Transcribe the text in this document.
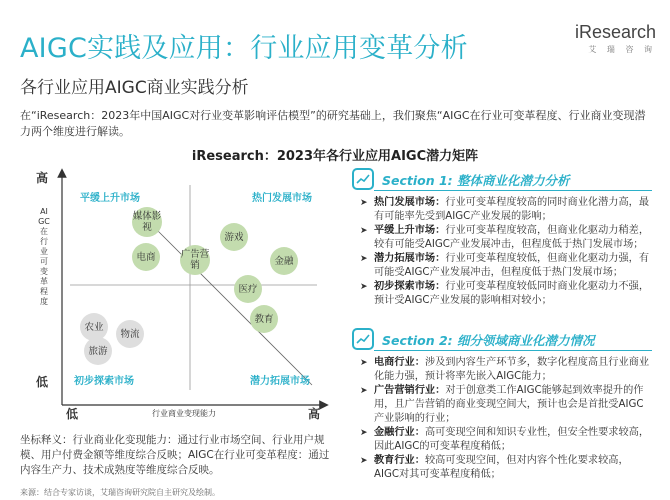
AIGC实践及应用：行业应用变革分析
各行业应用AIGC商业实践分析
iResearch
艾 瑞 咨 询
在“iResearch：2023年中国AIGC对行业变革影响评估模型”的研究基础上，我们聚焦“AIGC在行业可变革程度、行业商业变现潜力两个维度进行解读。
iResearch：2023年各行业应用AIGC潜力矩阵
高
低
AIGC在行业可变革程度
低	高
行业商业变现能力
平缓上升市场	热门发展市场
初步探索市场	潜力拓展市场
媒体影视
电商	广告营销
游戏
金融
医疗
教育
农业
物流
旅游
坐标释义：行业商业化变现能力：通过行业市场空间、行业用户规模、用户付费金额等维度综合反映；AIGC在行业可变革程度：通过内容生产力、技术成熟度等维度综合反映。
来源：结合专家访谈，艾瑞咨询研究院自主研究及绘制。
Section 1: 整体商业化潜力分析
➤ 热门发展市场：行业可变革程度较高的同时商业化潜力高，最有可能率先受到AIGC产业发展的影响；
➤ 平缓上升市场：行业可变革程度较高，但商业化驱动力稍差，较有可能受AIGC产业发展冲击，但程度低于热门发展市场；
➤ 潜力拓展市场：行业可变革程度较低，但商业化驱动力强，有可能受AIGC产业发展冲击，但程度低于热门发展市场；
➤ 初步探索市场：行业可变革程度较低同时商业化驱动力不强，预计受AIGC产业发展的影响相对较小；
Section 2: 细分领域商业化潜力情况
➤ 电商行业：涉及到内容生产环节多，数字化程度高且行业商业化能力强，预计将率先嵌入AIGC能力；
➤ 广告营销行业：对于创意类工作AIGC能够起到效率提升的作用，且广告营销的商业变现空间大，预计也会是首批受AIGC产业影响的行业；
➤ 金融行业：高可变现空间和知识专业性，但安全性要求较高，因此AIGC的可变革程度稍低；
➤ 教育行业：较高可变现空间，但对内容个性化要求较高，AIGC对其可变革程度稍低；
